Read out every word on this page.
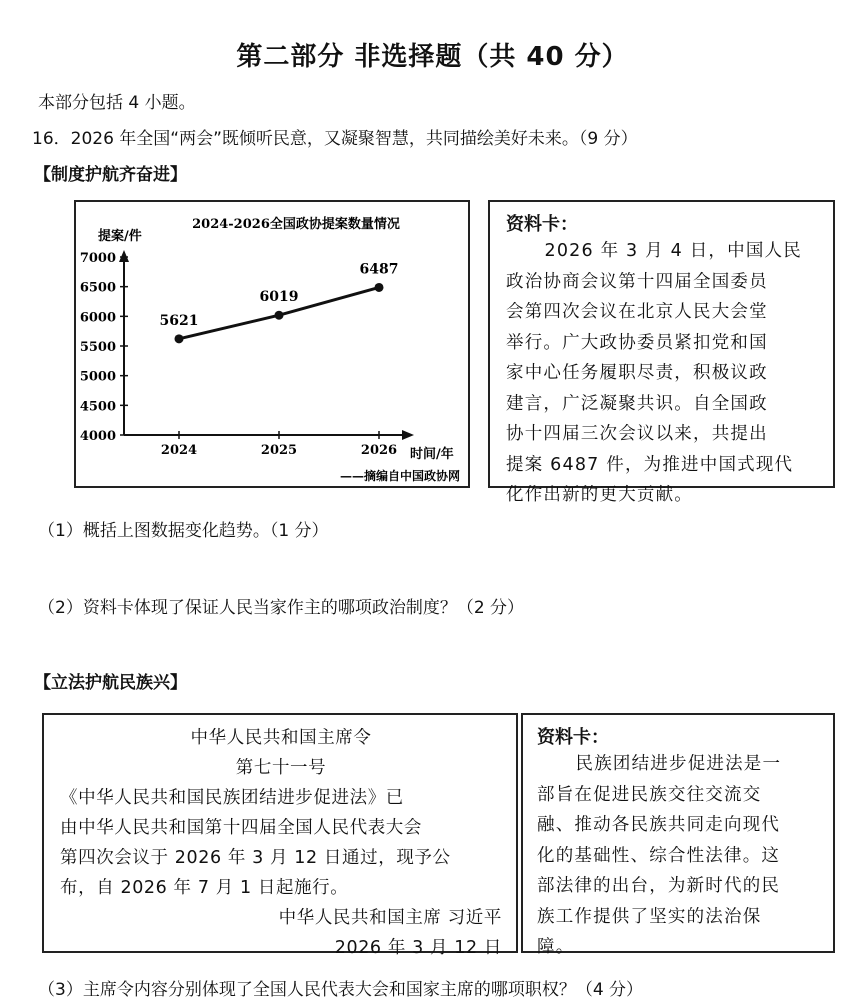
第二部分 非选择题（共 40 分）
本部分包括 4 小题。
16．2026 年全国“两会”既倾听民意，又凝聚智慧，共同描绘美好未来。（9 分）
【制度护航齐奋进】
2024-2026全国政协提案数量情况
提案/件
时间/年
——摘编自中国政协网
7000
6500
6000
5500
5000
4500
4000
2024	2025	2026
5621
6019
6487
资料卡：
2026 年 3 月 4 日，中国人民
政治协商会议第十四届全国委员
会第四次会议在北京人民大会堂
举行。广大政协委员紧扣党和国
家中心任务履职尽责，积极议政
建言，广泛凝聚共识。自全国政
协十四届三次会议以来，共提出
提案 6487 件，为推进中国式现代
化作出新的更大贡献。
（1）概括上图数据变化趋势。（1 分）
（2）资料卡体现了保证人民当家作主的哪项政治制度？（2 分）
【立法护航民族兴】
中华人民共和国主席令
第七十一号
《中华人民共和国民族团结进步促进法》已
由中华人民共和国第十四届全国人民代表大会
第四次会议于 2026 年 3 月 12 日通过，现予公
布，自 2026 年 7 月 1 日起施行。
中华人民共和国主席 习近平
2026 年 3 月 12 日
资料卡：
民族团结进步促进法是一
部旨在促进民族交往交流交
融、推动各民族共同走向现代
化的基础性、综合性法律。这
部法律的出台，为新时代的民
族工作提供了坚实的法治保
障。
（3）主席令内容分别体现了全国人民代表大会和国家主席的哪项职权？（4 分）
